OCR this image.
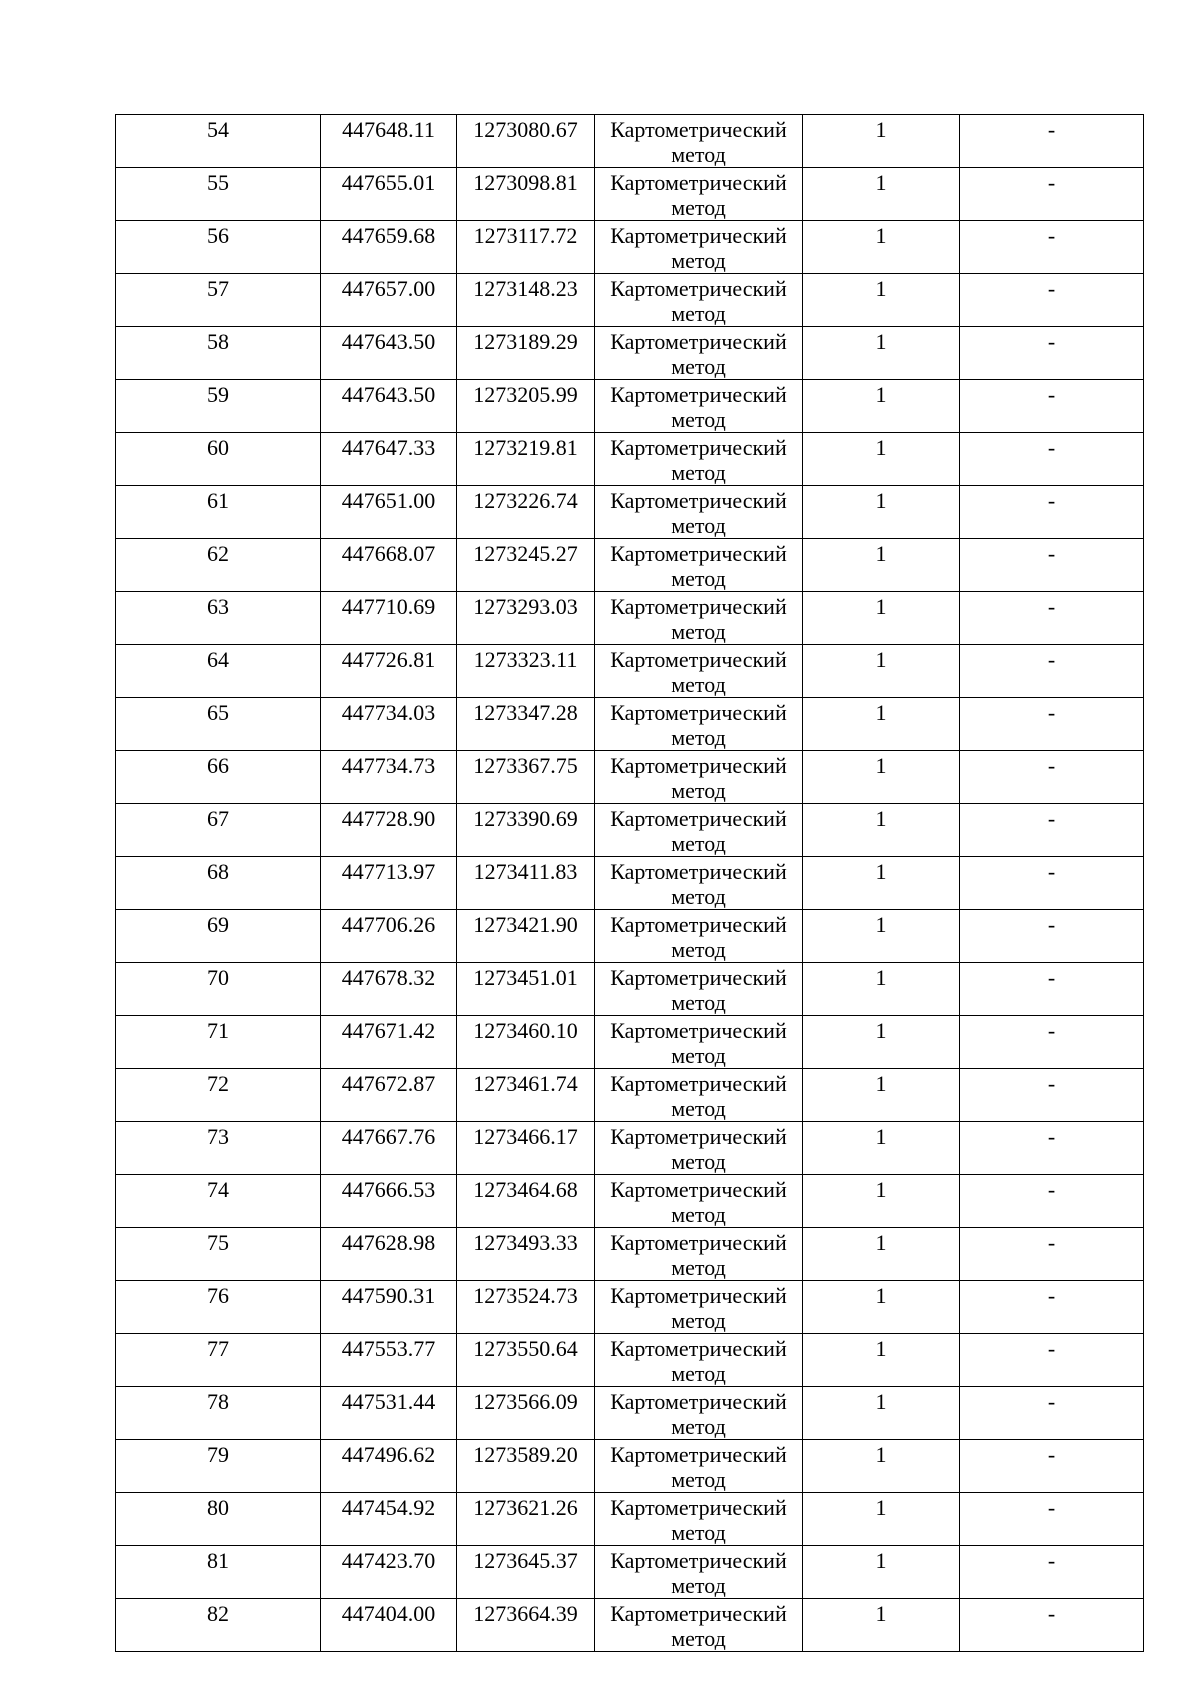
54	447648.11	1273080.67	Картометрический метод	1	-
55	447655.01	1273098.81	Картометрический метод	1	-
56	447659.68	1273117.72	Картометрический метод	1	-
57	447657.00	1273148.23	Картометрический метод	1	-
58	447643.50	1273189.29	Картометрический метод	1	-
59	447643.50	1273205.99	Картометрический метод	1	-
60	447647.33	1273219.81	Картометрический метод	1	-
61	447651.00	1273226.74	Картометрический метод	1	-
62	447668.07	1273245.27	Картометрический метод	1	-
63	447710.69	1273293.03	Картометрический метод	1	-
64	447726.81	1273323.11	Картометрический метод	1	-
65	447734.03	1273347.28	Картометрический метод	1	-
66	447734.73	1273367.75	Картометрический метод	1	-
67	447728.90	1273390.69	Картометрический метод	1	-
68	447713.97	1273411.83	Картометрический метод	1	-
69	447706.26	1273421.90	Картометрический метод	1	-
70	447678.32	1273451.01	Картометрический метод	1	-
71	447671.42	1273460.10	Картометрический метод	1	-
72	447672.87	1273461.74	Картометрический метод	1	-
73	447667.76	1273466.17	Картометрический метод	1	-
74	447666.53	1273464.68	Картометрический метод	1	-
75	447628.98	1273493.33	Картометрический метод	1	-
76	447590.31	1273524.73	Картометрический метод	1	-
77	447553.77	1273550.64	Картометрический метод	1	-
78	447531.44	1273566.09	Картометрический метод	1	-
79	447496.62	1273589.20	Картометрический метод	1	-
80	447454.92	1273621.26	Картометрический метод	1	-
81	447423.70	1273645.37	Картометрический метод	1	-
82	447404.00	1273664.39	Картометрический метод	1	-
